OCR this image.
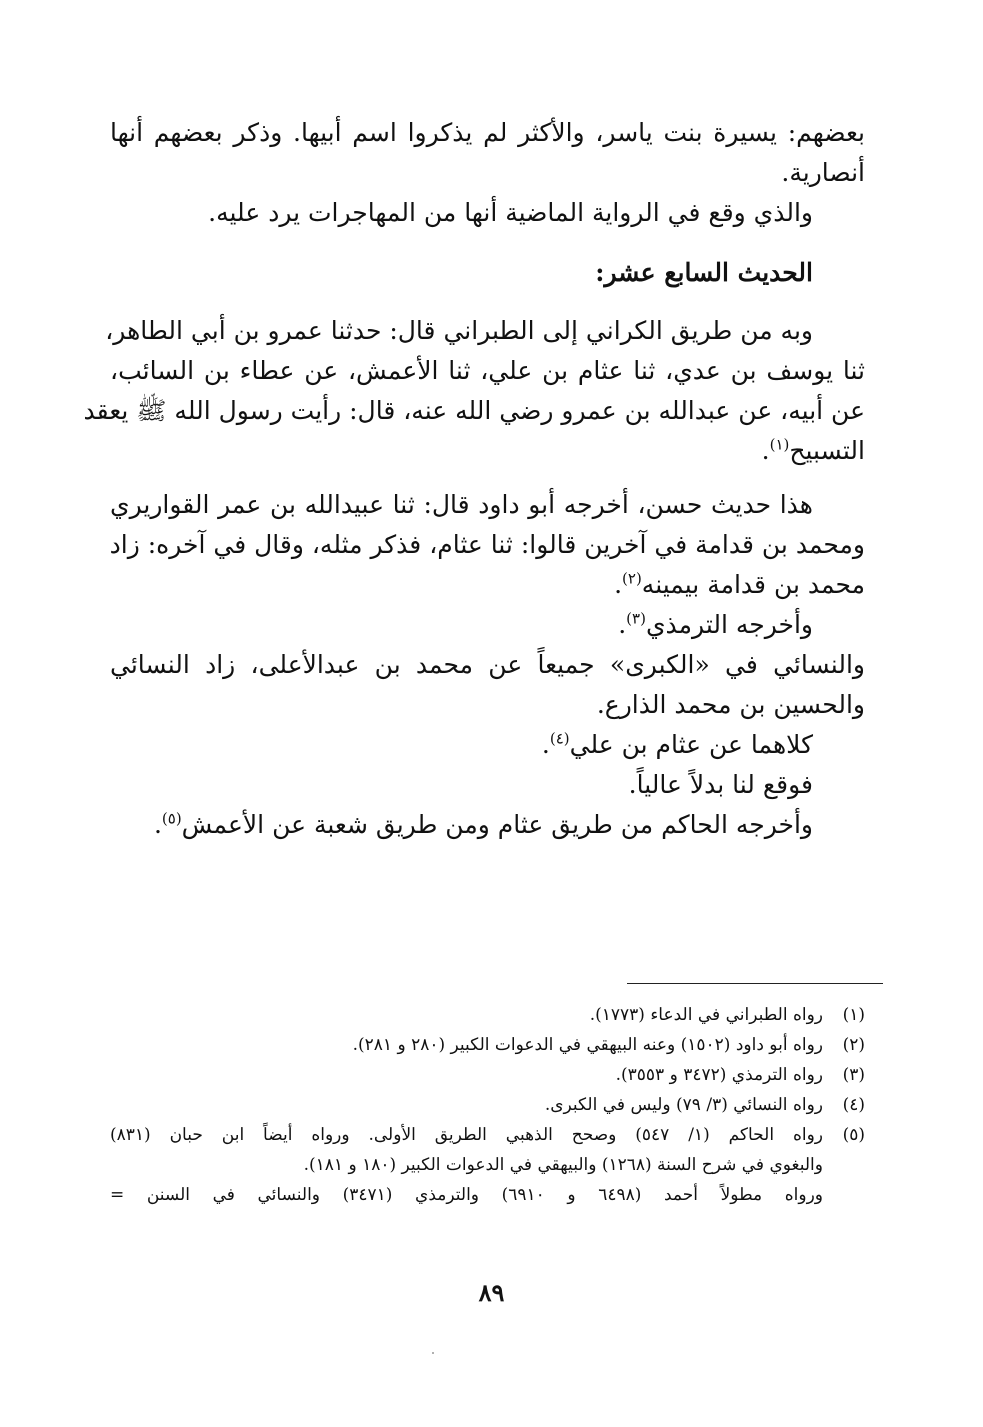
بعضهم: يسيرة بنت ياسر، والأكثر لم يذكروا اسم أبيها. وذكر بعضهم أنها
أنصارية.
والذي وقع في الرواية الماضية أنها من المهاجرات يرد عليه.
الحديث السابع عشر:
وبه من طريق الكراني إلى الطبراني قال: حدثنا عمرو بن أبي الطاهر،
ثنا يوسف بن عدي، ثنا عثام بن علي، ثنا الأعمش، عن عطاء بن السائب،
عن أبيه، عن عبدالله بن عمرو رضي الله عنه، قال: رأيت رسول الله ﷺ يعقد
التسبيح$^{(١)}$.
هذا حديث حسن، أخرجه أبو داود قال: ثنا عبيدالله بن عمر القواريري
ومحمد بن قدامة في آخرين قالوا: ثنا عثام، فذكر مثله، وقال في آخره: زاد
محمد بن قدامة بيمينه$^{(٢)}$.
وأخرجه الترمذي$^{(٣)}$.
والنسائي في «الكبرى» جميعاً عن محمد بن عبدالأعلى، زاد النسائي
والحسين بن محمد الذارع.
كلاهما عن عثام بن علي$^{(٤)}$.
فوقع لنا بدلاً عالياً.
وأخرجه الحاكم من طريق عثام ومن طريق شعبة عن الأعمش$^{(٥)}$.
(١)رواه الطبراني في الدعاء (١٧٧٣).
(٢)رواه أبو داود (١٥٠٢) وعنه البيهقي في الدعوات الكبير (٢٨٠ و ٢٨١).
(٣)رواه الترمذي (٣٤٧٢ و ٣٥٥٣).
(٤)رواه النسائي (٣/ ٧٩) وليس في الكبرى.
(٥)رواه الحاكم (١/ ٥٤٧) وصحح الذهبي الطريق الأولى. ورواه أيضاً ابن حبان (٨٣١)
والبغوي في شرح السنة (١٢٦٨) والبيهقي في الدعوات الكبير (١٨٠ و ١٨١).
ورواه مطولاً أحمد (٦٤٩٨ و ٦٩١٠) والترمذي (٣٤٧١) والنسائي في السنن =
٨٩
